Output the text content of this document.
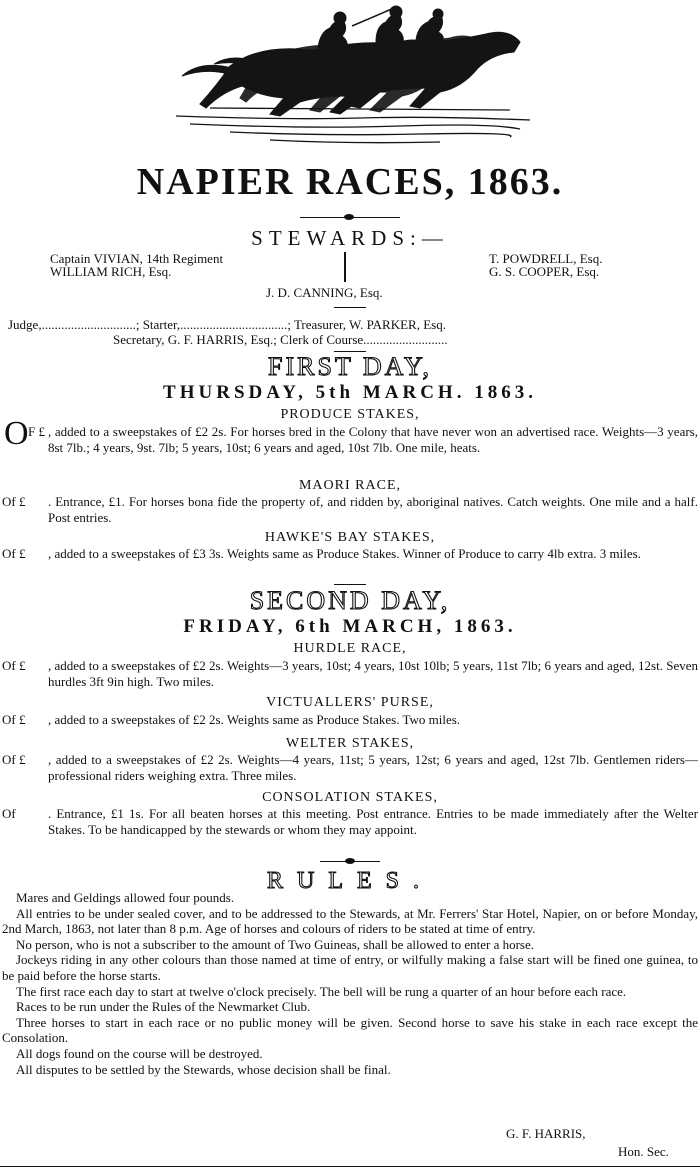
NAPIER RACES, 1863.
STEWARDS:—
Captain VIVIAN, 14th Regiment
WILLIAM RICH, Esq.
T. POWDRELL, Esq.
G. S. COOPER, Esq.
J. D. CANNING, Esq.
Judge,.............................; Starter,.................................; Treasurer, W. PARKER, Esq.
Secretary, G. F. HARRIS, Esq.; Clerk of Course..........................
FIRST DAY,
THURSDAY, 5th MARCH. 1863.
PRODUCE STAKES,
O F £ , added to a sweepstakes of £2 2s. For horses bred in the Colony that have never won an advertised race. Weights—3 years, 8st 7lb.; 4 years, 9st. 7lb; 5 years, 10st; 6 years and aged, 10st 7lb. One mile, heats.
MAORI RACE,
Of £ . Entrance, £1. For horses bona fide the property of, and ridden by, aboriginal natives. Catch weights. One mile and a half. Post entries.
HAWKE'S BAY STAKES,
Of £ , added to a sweepstakes of £3 3s. Weights same as Produce Stakes. Winner of Produce to carry 4lb extra. 3 miles.
SECOND DAY,
FRIDAY, 6th MARCH, 1863.
HURDLE RACE,
Of £ , added to a sweepstakes of £2 2s. Weights—3 years, 10st; 4 years, 10st 10lb; 5 years, 11st 7lb; 6 years and aged, 12st. Seven hurdles 3ft 9in high. Two miles.
VICTUALLERS' PURSE,
Of £ , added to a sweepstakes of £2 2s. Weights same as Produce Stakes. Two miles.
WELTER STAKES,
Of £ , added to a sweepstakes of £2 2s. Weights—4 years, 11st; 5 years, 12st; 6 years and aged, 12st 7lb. Gentlemen riders—professional riders weighing extra. Three miles.
CONSOLATION STAKES,
Of . Entrance, £1 1s. For all beaten horses at this meeting. Post entrance. Entries to be made immediately after the Welter Stakes. To be handicapped by the stewards or whom they may appoint.
RULES.
Mares and Geldings allowed four pounds.
All entries to be under sealed cover, and to be addressed to the Stewards, at Mr. Ferrers' Star Hotel, Napier, on or before Monday, 2nd March, 1863, not later than 8 p.m. Age of horses and colours of riders to be stated at time of entry.
No person, who is not a subscriber to the amount of Two Guineas, shall be allowed to enter a horse.
Jockeys riding in any other colours than those named at time of entry, or wilfully making a false start will be fined one guinea, to be paid before the horse starts.
The first race each day to start at twelve o'clock precisely. The bell will be rung a quarter of an hour before each race.
Races to be run under the Rules of the Newmarket Club.
Three horses to start in each race or no public money will be given. Second horse to save his stake in each race except the Consolation.
All dogs found on the course will be destroyed.
All disputes to be settled by the Stewards, whose decision shall be final.
G. F. HARRIS,
Hon. Sec.
